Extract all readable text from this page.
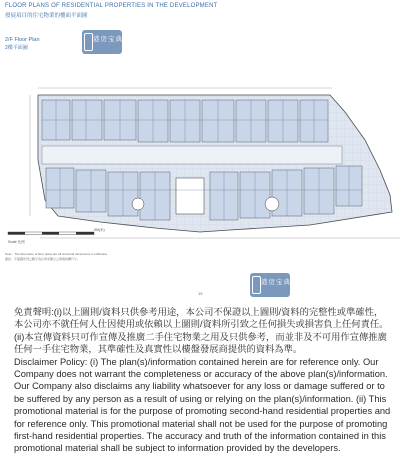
FLOOR PLANS OF RESIDENTIAL PROPERTIES IN THE DEVELOPMENT
發展項目的住宅物業的樓面平面圖
2/F Floor Plan
2樓平面圖
港房宝典
港房宝典
5M(米)
Scale 比例
Note：The dimension of floor plans are all structural dimensions in millimetre.
備註：平面圖所列之數字為以毫米顯示之建築結構尺寸。
19

免責聲明:(i)以上圖則/資料只供參考用途，本公司不保證以上圖則/資料的完整性或準確性，本公司亦不就任何人仕因使用或依賴以上圖則/資料所引致之任何損失或損害負上任何責任。(ii)本宣傳資料只可作宣傳及推廣二手住宅物業之用及只供參考，而並非及不可用作宣傳推廣任何一手住宅物業，其準確性及真實性以樓盤發展商提供的資料為準。

Disclaimer Policy: (i) The plan(s)/information contained herein are for reference only. Our Company does not warrant the completeness or accuracy of the above plan(s)/information. Our Company also disclaims any liability whatsoever for any loss or damage suffered or to be suffered by any person as a result of using or relying on the plan(s)/information. (ii) This promotional material is for the purpose of promoting second-hand residential properties and for reference only. This promotional material shall not be used for the purpose of promoting first-hand residential properties. The accuracy and truth of the information contained in this promotional material shall be subject to information provided by the developers.
